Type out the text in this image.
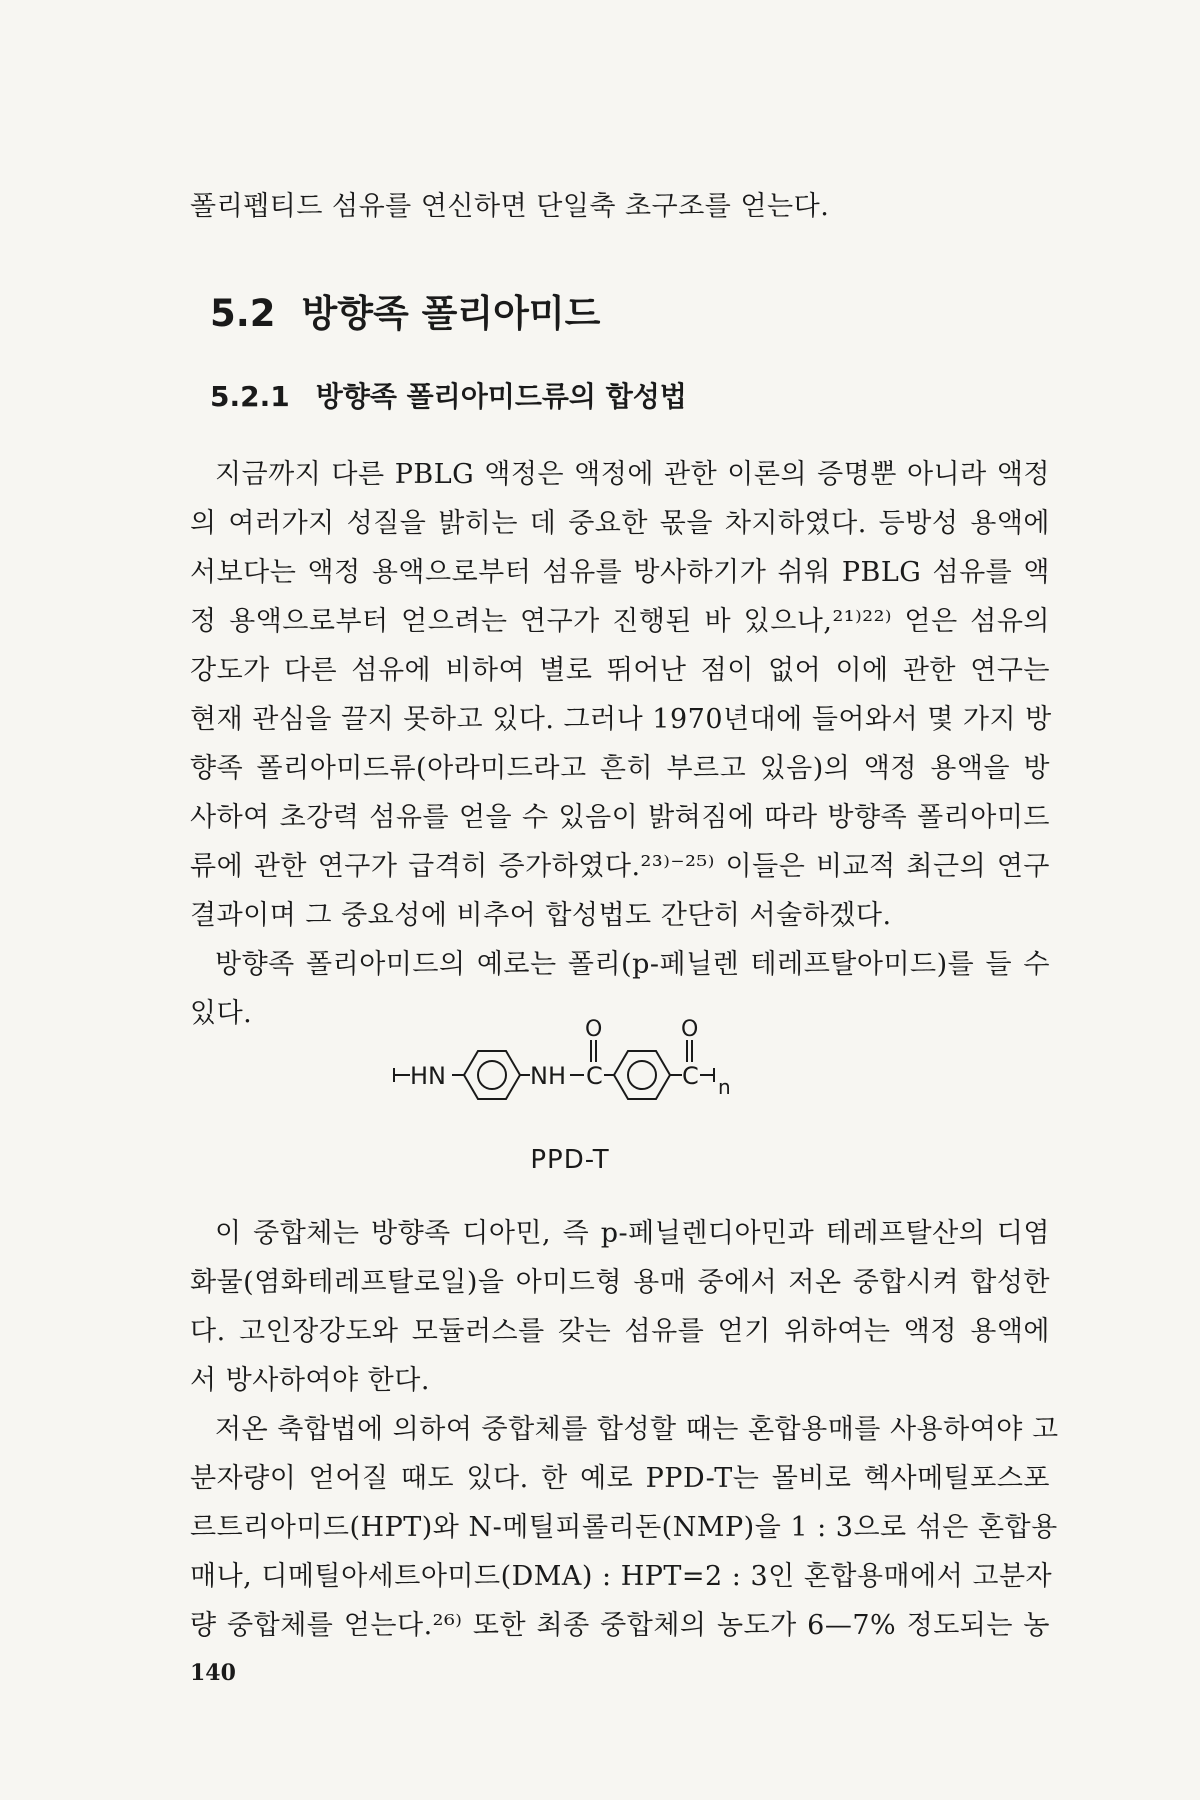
폴리펩티드 섬유를 연신하면 단일축 초구조를 얻는다.
5.2 방향족 폴리아미드
5.2.1 방향족 폴리아미드류의 합성법
지금까지 다른 PBLG 액정은 액정에 관한 이론의 증명뿐 아니라 액정
의 여러가지 성질을 밝히는 데 중요한 몫을 차지하였다. 등방성 용액에
서보다는 액정 용액으로부터 섬유를 방사하기가 쉬워 PBLG 섬유를 액
정 용액으로부터 얻으려는 연구가 진행된 바 있으나,²¹⁾²²⁾ 얻은 섬유의
강도가 다른 섬유에 비하여 별로 뛰어난 점이 없어 이에 관한 연구는
현재 관심을 끌지 못하고 있다. 그러나 1970년대에 들어와서 몇 가지 방
향족 폴리아미드류(아라미드라고 흔히 부르고 있음)의 액정 용액을 방
사하여 초강력 섬유를 얻을 수 있음이 밝혀짐에 따라 방향족 폴리아미드
류에 관한 연구가 급격히 증가하였다.²³⁾⁻²⁵⁾ 이들은 비교적 최근의 연구
결과이며 그 중요성에 비추어 합성법도 간단히 서술하겠다.
방향족 폴리아미드의 예로는 폴리(p-페닐렌 테레프탈아미드)를 들 수
있다.
HN	NH C
O
C
O
n
PPD-T
이 중합체는 방향족 디아민, 즉 p-페닐렌디아민과 테레프탈산의 디염
화물(염화테레프탈로일)을 아미드형 용매 중에서 저온 중합시켜 합성한
다. 고인장강도와 모듈러스를 갖는 섬유를 얻기 위하여는 액정 용액에
서 방사하여야 한다.
저온 축합법에 의하여 중합체를 합성할 때는 혼합용매를 사용하여야 고
분자량이 얻어질 때도 있다. 한 예로 PPD-T는 몰비로 헥사메틸포스포
르트리아미드(HPT)와 N-메틸피롤리돈(NMP)을 1 : 3으로 섞은 혼합용
매나, 디메틸아세트아미드(DMA) : HPT=2 : 3인 혼합용매에서 고분자
량 중합체를 얻는다.²⁶⁾ 또한 최종 중합체의 농도가 6—7% 정도되는 농
140
